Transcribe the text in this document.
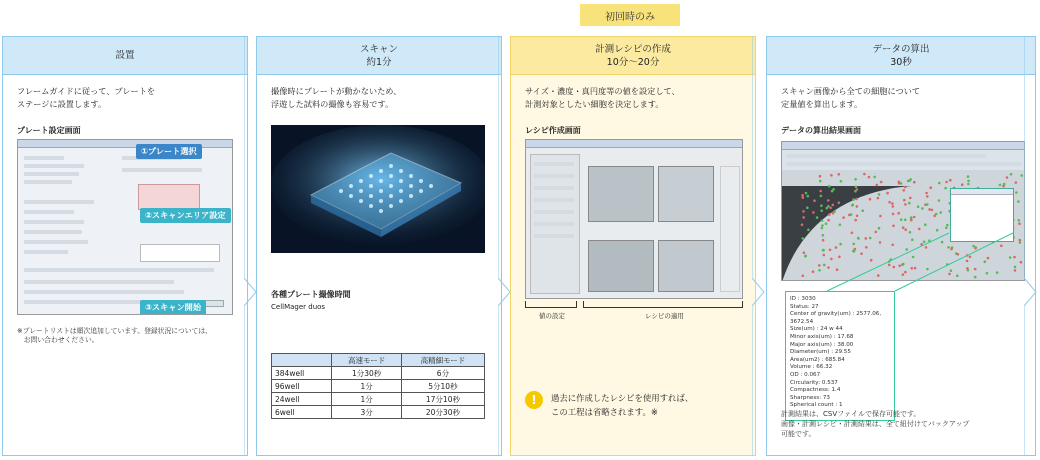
初回時のみ
設置
フレームガイドに従って、プレートを
ステージに設置します。
プレート設定画面
①プレート選択
②スキャンエリア設定
③スキャン開始
※プレートリストは順次追加しています。登録状況については、
　お問い合わせください。
スキャン
約1分
撮像時にプレートが動かないため、
浮遊した試料の撮像も容易です。
各種プレート撮像時間
CellMager duos
	高速モード	高精細モード
384well	1分30秒	6分
96well	1分	5分10秒
24well	1分	17分10秒
6well	3分	20分30秒
計測レシピの作成
10分～20分
サイズ・濃度・真円度等の値を設定して、
計測対象としたい細胞を決定します。
レシピ作成画面
値の設定	レシピの適用
!	過去に作成したレシピを使用すれば、
この工程は省略されます。※
データの算出
30秒
スキャン画像から全ての細胞について
定量値を算出します。
データの算出結果画面
ID : 3030
Status: 27
Center of gravity(um) : 2577.06, 3672.54
Size(um) : 24 w 44
Minor axis(um) : 17.68
Major axis(um) : 38.00
Diameter(um) : 29.55
Area(um2) : 685.84
Volume : 66.32
OD : 0.067
Circularity: 0.537
Compactness: 1.4
Sharpness: 73
Spherical count : 1
計測結果は、CSVファイルで保存可能です。
画像・計測レシピ・計測結果は、全て紐付けてバックアップ
可能です。
